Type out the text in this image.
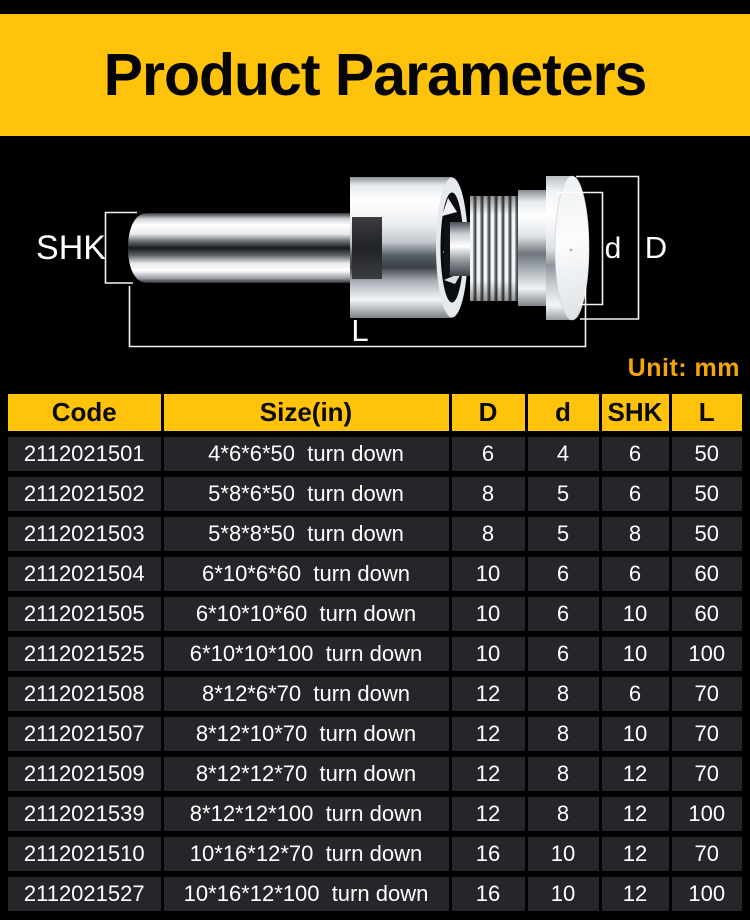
Product Parameters
SHK
L
d D
Unit: mm
Code	Size(in)	D	d	SHK	L
2112021501	4*6*6*50  turn down	6	4	6	50
2112021502	5*8*6*50  turn down	8	5	6	50
2112021503	5*8*8*50  turn down	8	5	8	50
2112021504	6*10*6*60  turn down	10	6	6	60
2112021505	6*10*10*60  turn down	10	6	10	60
2112021525	6*10*10*100  turn down	10	6	10	100
2112021508	8*12*6*70  turn down	12	8	6	70
2112021507	8*12*10*70  turn down	12	8	10	70
2112021509	8*12*12*70  turn down	12	8	12	70
2112021539	8*12*12*100  turn down	12	8	12	100
2112021510	10*16*12*70  turn down	16	10	12	70
2112021527	10*16*12*100  turn down	16	10	12	100
